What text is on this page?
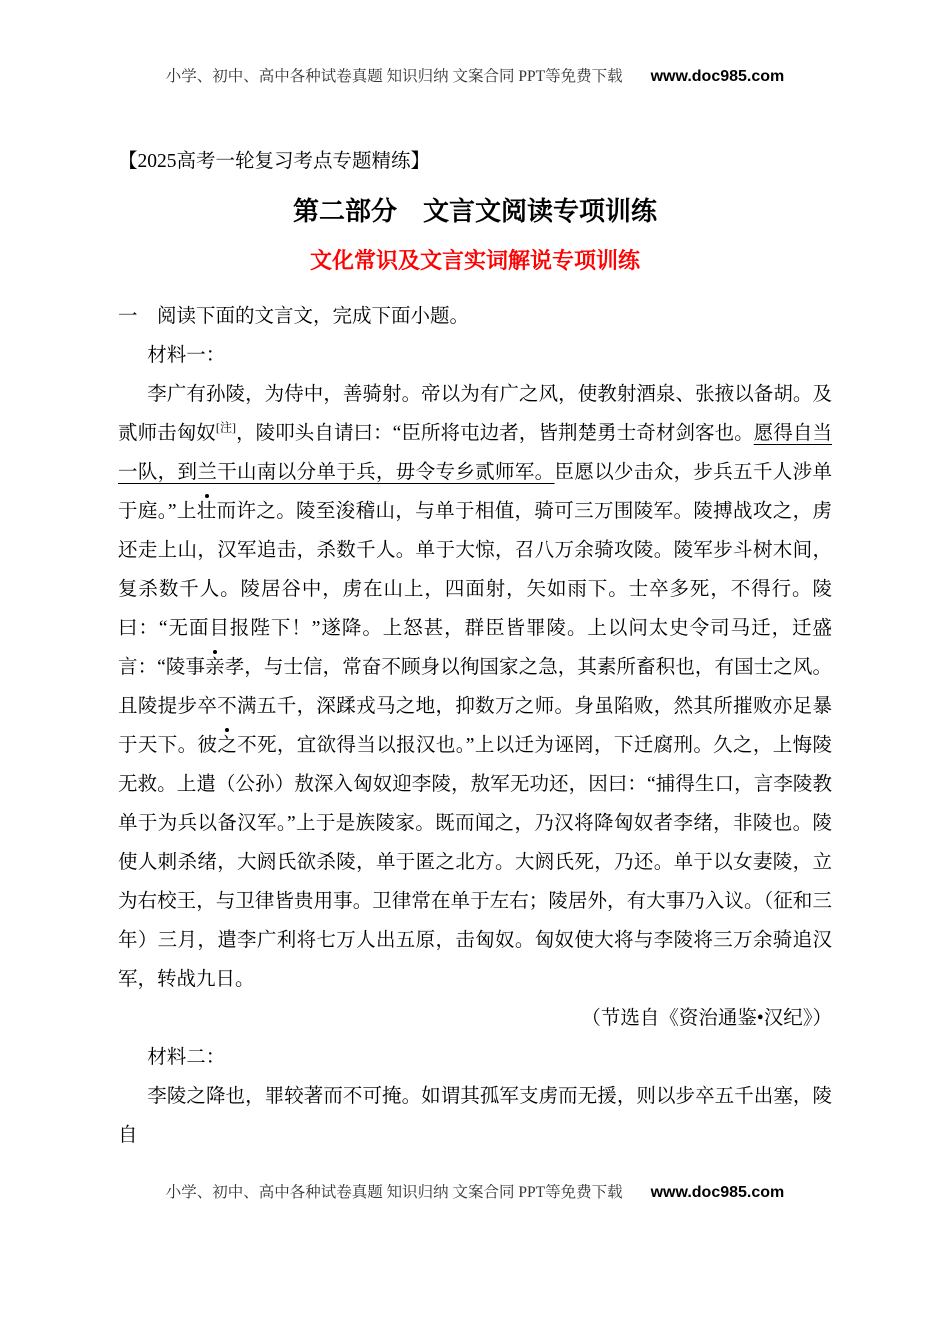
小学、初中、高中各种试卷真题 知识归纳 文案合同 PPT等免费下载 www.doc985.com

【2025高考一轮复习考点专题精练】

第二部分　文言文阅读专项训练
文化常识及文言实词解说专项训练

一　阅读下面的文言文，完成下面小题。

材料一：

李广有孙陵，为侍中，善骑射。帝以为有广之风，使教射酒泉、张掖以备胡。及贰师击匈奴[注]，陵叩头自请曰：“臣所将屯边者，皆荆楚勇士奇材剑客也。愿得自当一队，到兰干山南以分单于兵，毋令专乡贰师军。臣愿以少击众，步兵五千人涉单于庭。”上壮而许之。陵至浚稽山，与单于相值，骑可三万围陵军。陵搏战攻之，虏还走上山，汉军追击，杀数千人。单于大惊，召八万余骑攻陵。陵军步斗树木间，复杀数千人。陵居谷中，虏在山上，四面射，矢如雨下。士卒多死，不得行。陵曰：“无面目报陛下！”遂降。上怒甚，群臣皆罪陵。上以问太史令司马迁，迁盛言：“陵事亲孝，与士信，常奋不顾身以徇国家之急，其素所畜积也，有国士之风。且陵提步卒不满五千，深蹂戎马之地，抑数万之师。身虽陷败，然其所摧败亦足暴于天下。彼之不死，宜欲得当以报汉也。”上以迁为诬罔，下迁腐刑。久之，上悔陵无救。上遣（公孙）敖深入匈奴迎李陵，敖军无功还，因曰：“捕得生口，言李陵教单于为兵以备汉军。”上于是族陵家。既而闻之，乃汉将降匈奴者李绪，非陵也。陵使人刺杀绪，大阏氏欲杀陵，单于匿之北方。大阏氏死，乃还。单于以女妻陵，立为右校王，与卫律皆贵用事。卫律常在单于左右；陵居外，有大事乃入议。（征和三年）三月，遣李广利将七万人出五原，击匈奴。匈奴使大将与李陵将三万余骑追汉军，转战九日。

（节选自《资治通鉴•汉纪》）

材料二：

李陵之降也，罪较著而不可掩。如谓其孤军支虏而无援，则以步卒五千出塞，陵自

小学、初中、高中各种试卷真题 知识归纳 文案合同 PPT等免费下载 www.doc985.com
